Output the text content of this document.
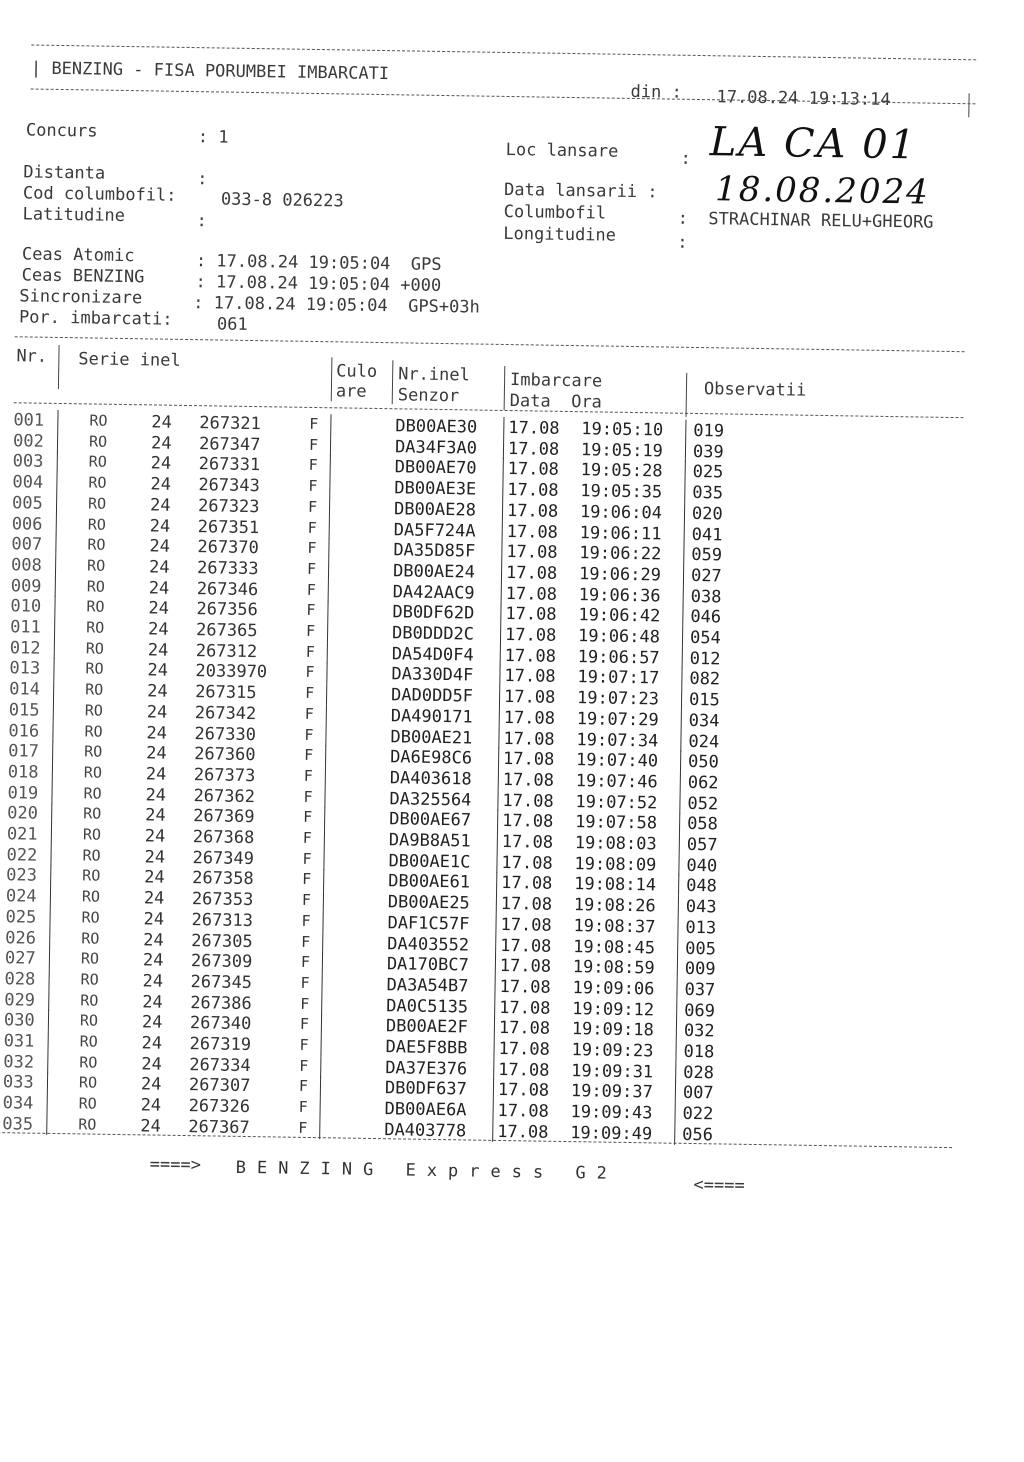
| BENZING - FISA PORUMBEI IMBARCATI
din : 17.08.24 19:13:14
Concurs	: 1
Loc lansare	: LA CA 01
Distanta	:
Cod columbofil:	033-8 026223
Latitudine	:
Data lansarii : 18.08.2024
Columbofil	:  STRACHINAR RELU+GHEORG
Longitudine	:
Ceas Atomic	: 17.08.24 19:05:04  GPS
Ceas BENZING	: 17.08.24 19:05:04 +000
Sincronizare	: 17.08.24 19:05:04  GPS+03h
Por. imbarcati:	061
Nr. Serie inel
Culo
are
Nr.inel
Senzor
Imbarcare
Data  Ora
Observatii
001	RO	24 267321	F	DB00AE30 17.08 19:05:10 019
002	RO	24 267347	F	DA34F3A0 17.08 19:05:19 039
003	RO	24 267331	F	DB00AE70 17.08 19:05:28 025
004	RO	24 267343	F	DB00AE3E 17.08 19:05:35 035
005	RO	24 267323	F	DB00AE28 17.08 19:06:04 020
006	RO	24 267351	F	DA5F724A 17.08 19:06:11 041
007	RO	24 267370	F	DA35D85F 17.08 19:06:22 059
008	RO	24 267333	F	DB00AE24 17.08 19:06:29 027
009	RO	24 267346	F	DA42AAC9 17.08 19:06:36 038
010	RO	24 267356	F	DB0DF62D 17.08 19:06:42 046
011	RO	24 267365	F	DB0DDD2C 17.08 19:06:48 054
012	RO	24 267312	F	DA54D0F4 17.08 19:06:57 012
013	RO	24 2033970	F	DA330D4F 17.08 19:07:17 082
014	RO	24 267315	F	DAD0DD5F 17.08 19:07:23 015
015	RO	24 267342	F	DA490171 17.08 19:07:29 034
016	RO	24 267330	F	DB00AE21 17.08 19:07:34 024
017	RO	24 267360	F	DA6E98C6 17.08 19:07:40 050
018	RO	24 267373	F	DA403618 17.08 19:07:46 062
019	RO	24 267362	F	DA325564 17.08 19:07:52 052
020	RO	24 267369	F	DB00AE67 17.08 19:07:58 058
021	RO	24 267368	F	DA9B8A51 17.08 19:08:03 057
022	RO	24 267349	F	DB00AE1C 17.08 19:08:09 040
023	RO	24 267358	F	DB00AE61 17.08 19:08:14 048
024	RO	24 267353	F	DB00AE25 17.08 19:08:26 043
025	RO	24 267313	F	DAF1C57F 17.08 19:08:37 013
026	RO	24 267305	F	DA403552 17.08 19:08:45 005
027	RO	24 267309	F	DA170BC7 17.08 19:08:59 009
028	RO	24 267345	F	DA3A54B7 17.08 19:09:06 037
029	RO	24 267386	F	DA0C5135 17.08 19:09:12 069
030	RO	24 267340	F	DB00AE2F 17.08 19:09:18 032
031	RO	24 267319	F	DAE5F8BB 17.08 19:09:23 018
032	RO	24 267334	F	DA37E376 17.08 19:09:31 028
033	RO	24 267307	F	DB0DF637 17.08 19:09:37 007
034	RO	24 267326	F	DB00AE6A 17.08 19:09:43 022
035	RO	24 267367	F	DA403778 17.08 19:09:49 056
====> BENZING Express G2
<====
